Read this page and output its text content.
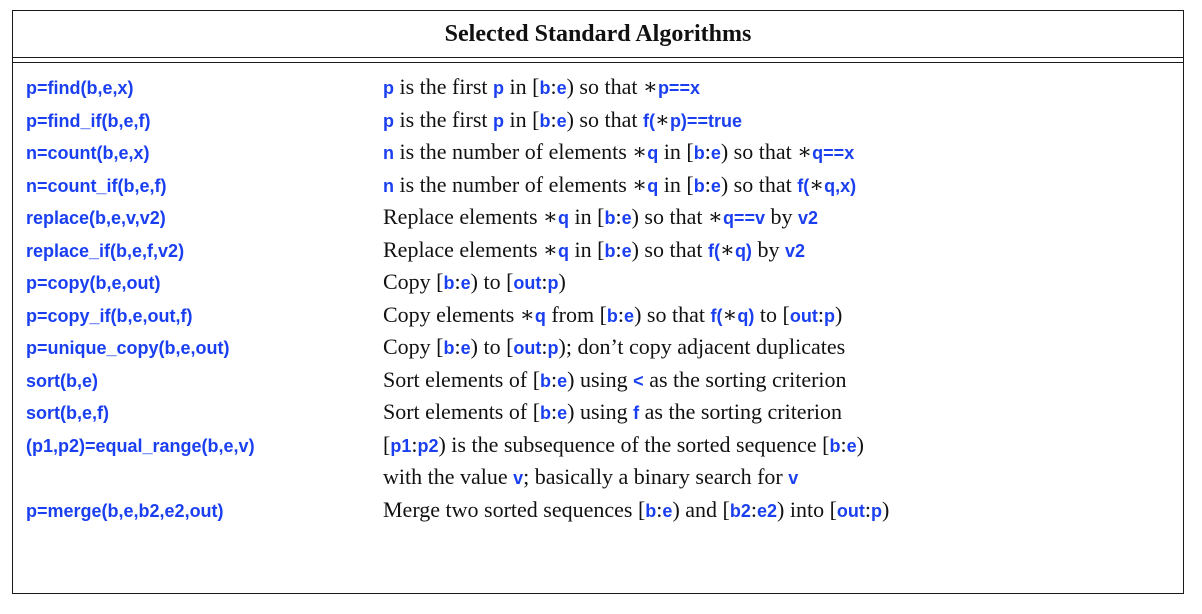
Selected Standard Algorithms
p=find(b,e,x)	p is the first p in [b:e) so that ∗p==x
p=find_if(b,e,f)	p is the first p in [b:e) so that f(∗p)==true
n=count(b,e,x)	n is the number of elements ∗q in [b:e) so that ∗q==x
n=count_if(b,e,f)	n is the number of elements ∗q in [b:e) so that f(∗q,x)
replace(b,e,v,v2)	Replace elements ∗q in [b:e) so that ∗q==v by v2
replace_if(b,e,f,v2)	Replace elements ∗q in [b:e) so that f(∗q) by v2
p=copy(b,e,out)	Copy [b:e) to [out:p)
p=copy_if(b,e,out,f)	Copy elements ∗q from [b:e) so that f(∗q) to [out:p)
p=unique_copy(b,e,out)	Copy [b:e) to [out:p); don’t copy adjacent duplicates
sort(b,e)	Sort elements of [b:e) using < as the sorting criterion
sort(b,e,f)	Sort elements of [b:e) using f as the sorting criterion
(p1,p2)=equal_range(b,e,v)	[p1:p2) is the subsequence of the sorted sequence [b:e)
with the value v; basically a binary search for v
p=merge(b,e,b2,e2,out)	Merge two sorted sequences [b:e) and [b2:e2) into [out:p)
